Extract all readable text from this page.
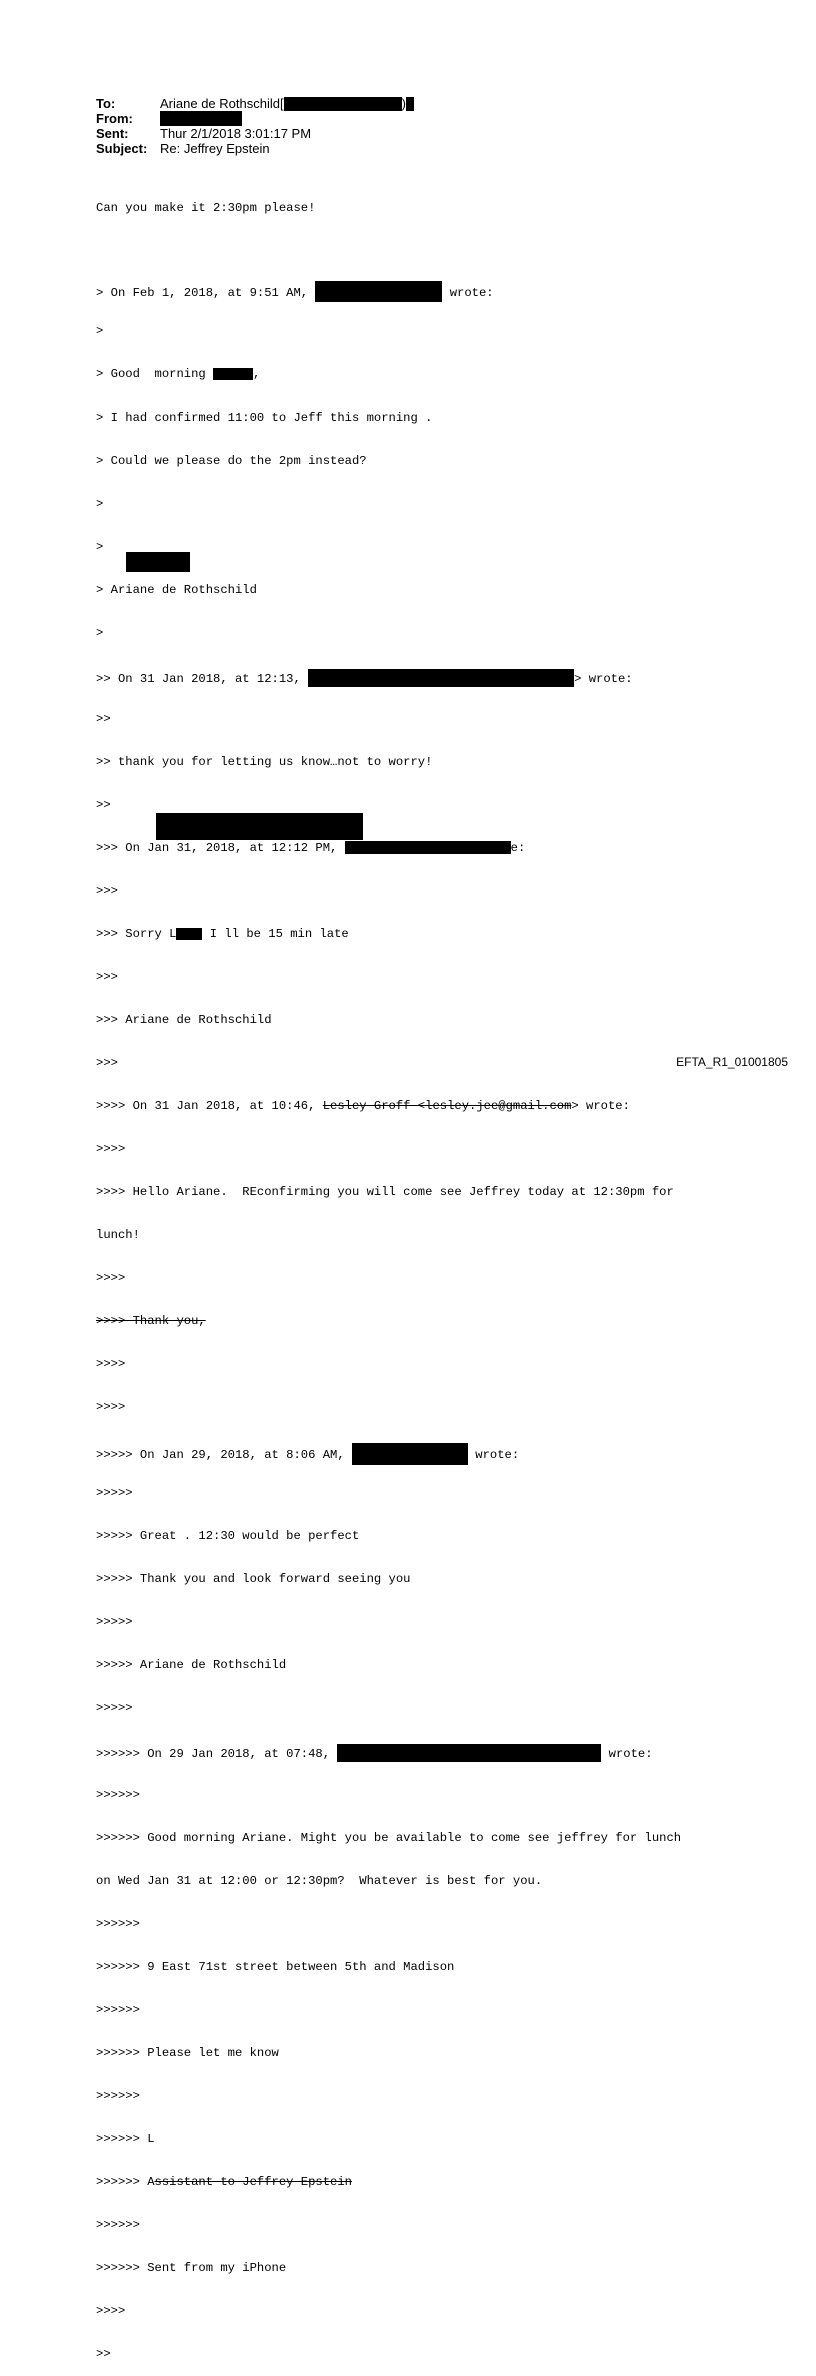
To:	Ariane de Rothschild[	)
From:
Sent:	Thur 2/1/2018 3:01:17 PM
Subject: Re: Jeffrey Epstein

Can you make it 2:30pm please!

> On Feb 1, 2018, at 9:51 AM,	wrote:

>

> Good  morning	,

> I had confirmed 11:00 to Jeff this morning .

> Could we please do the 2pm instead?

>

>

> Ariane de Rothschild

>

>> On 31 Jan 2018, at 12:13,	> wrote:

>>

>> thank you for letting us know…not to worry!

>>

>>> On Jan 31, 2018, at 12:12 PM,	e:

>>>

>>> Sorry L I ll be 15 min late

>>>

>>> Ariane de Rothschild

>>>

>>>> On 31 Jan 2018, at 10:46, Lesley Groff <lesley.jee@gmail.com> wrote:

>>>>

>>>> Hello Ariane.  REconfirming you will come see Jeffrey today at 12:30pm for

lunch!

>>>>

>>>> Thank you,

>>>>

>>>>

>>>>> On Jan 29, 2018, at 8:06 AM,	wrote:

>>>>>

>>>>> Great . 12:30 would be perfect

>>>>> Thank you and look forward seeing you

>>>>>

>>>>> Ariane de Rothschild

>>>>>

>>>>>> On 29 Jan 2018, at 07:48,	wrote:

>>>>>>

>>>>>> Good morning Ariane. Might you be available to come see jeffrey for lunch

on Wed Jan 31 at 12:00 or 12:30pm?  Whatever is best for you.

>>>>>>

>>>>>> 9 East 71st street between 5th and Madison

>>>>>>

>>>>>> Please let me know

>>>>>>

>>>>>> L

>>>>>> Assistant to Jeffrey Epstein

>>>>>>

>>>>>> Sent from my iPhone

>>>>

>>

EFTA_R1_01001805
